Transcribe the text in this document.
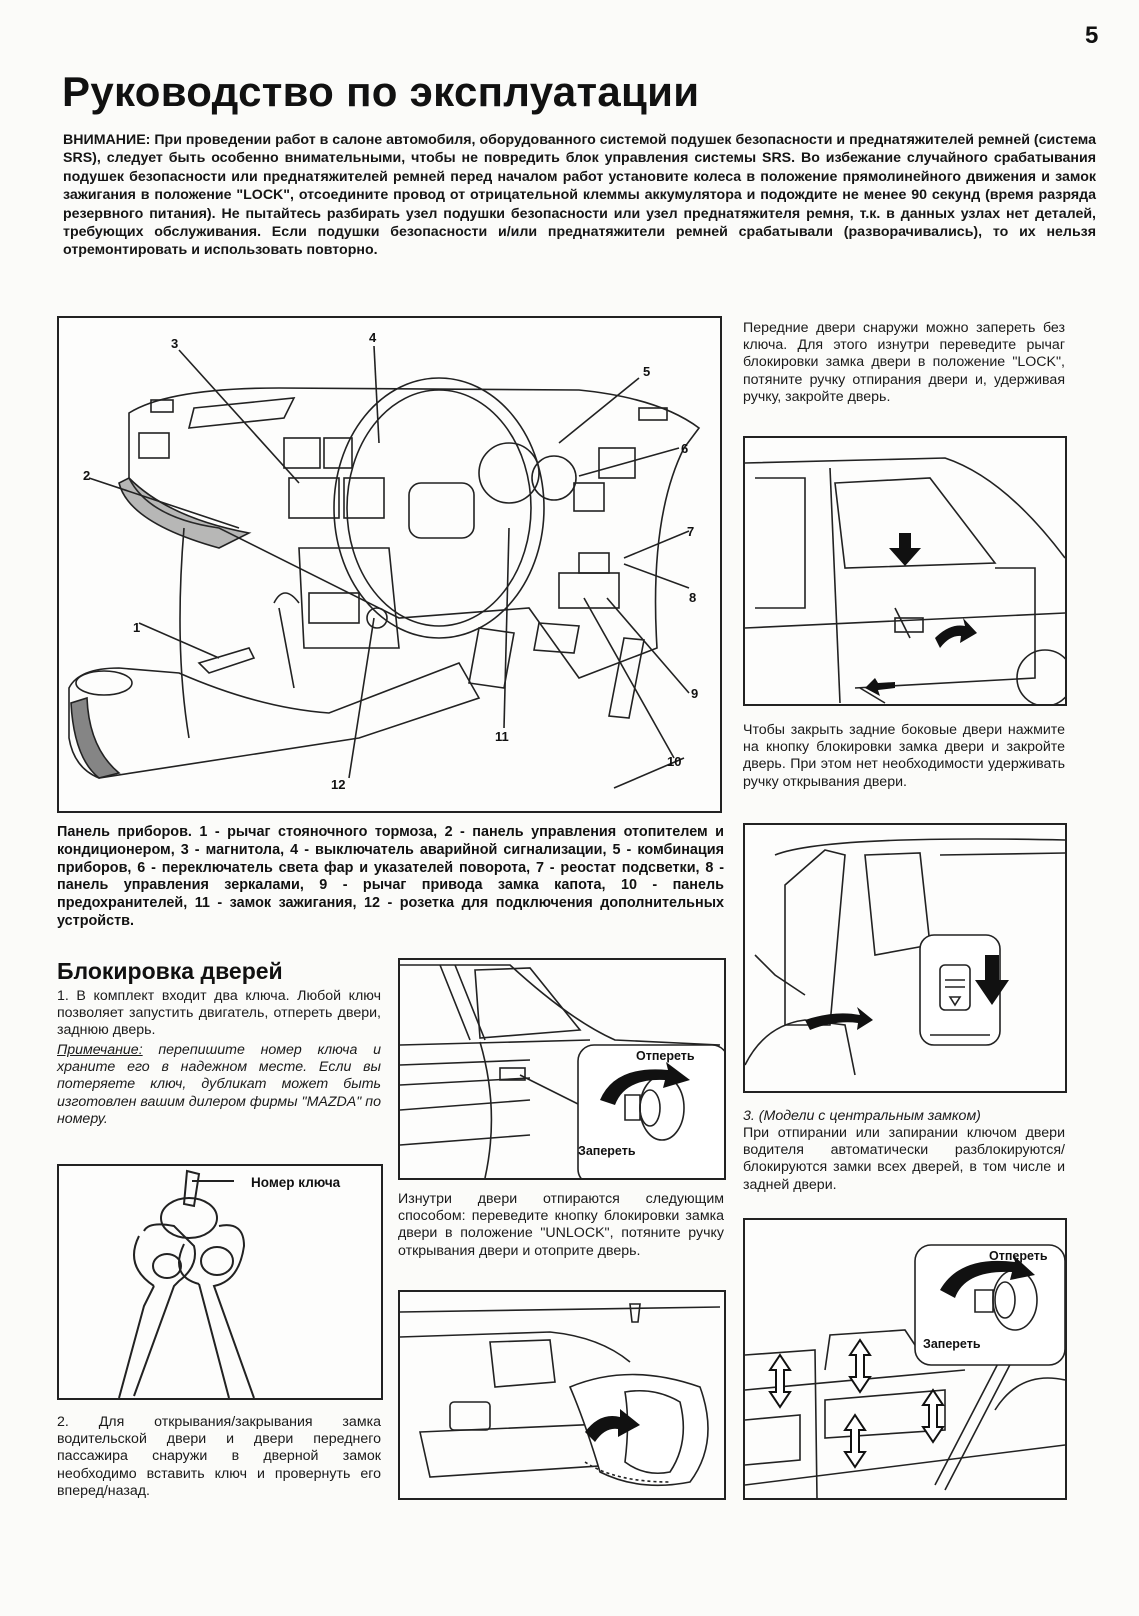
5
Руководство по эксплуатации
ВНИМАНИЕ: При проведении работ в салоне автомобиля, оборудованного системой подушек безопасности и преднатяжителей ремней (система SRS), следует быть особенно внимательными, чтобы не повредить блок управления системы SRS. Во избежание случайного срабатывания подушек безопасности или преднатяжителей ремней перед началом работ установите колеса в положение прямолинейного движения и замок зажигания в положение "LOCK", отсоедините провод от отрицательной клеммы аккумулятора и подождите не менее 90 секунд (время разряда резервного питания). Не пытайтесь разбирать узел подушки безопасности или узел преднатяжителя ремня, т.к. в данных узлах нет деталей, требующих обслуживания. Если подушки безопасности и/или преднатяжители ремней срабатывали (разворачивались), то их нельзя отремонтировать и использовать повторно.
3	4
5
2
6
7
8
9
10
11
12
1
Панель приборов. 1 - рычаг стояночного тормоза, 2 - панель управления отопителем и кондиционером, 3 - магнитола, 4 - выключатель аварийной сигнализации, 5 - комбинация приборов, 6 - переключатель света фар и указателей поворота, 7 - реостат подсветки, 8 - панель управления зеркалами, 9 - рычаг привода замка капота, 10 - панель предохранителей, 11 - замок зажигания, 12 - розетка для подключения дополнительных устройств.
Передние двери снаружи можно запереть без ключа. Для этого изнутри переведите рычаг блокировки замка двери в положение "LOCK", потяните ручку отпирания двери и, удерживая ручку, закройте дверь.
Чтобы закрыть задние боковые двери нажмите на кнопку блокировки замка двери и закройте дверь. При этом нет необходимости удерживать ручку открывания двери.
3. (Модели с центральным замком)
При отпирании или запирании ключом двери водителя автоматически разблокируются/блокируются замки всех дверей, в том числе и задней двери.
Отпереть
Запереть
Блокировка дверей
1. В комплект входит два ключа. Любой ключ позволяет запустить двигатель, отпереть двери, заднюю дверь.
Примечание: перепишите номер ключа и храните его в надежном месте. Если вы потеряете ключ, дубликат может быть изготовлен вашим дилером фирмы "MAZDA" по номеру.
Номер ключа
2. Для открывания/закрывания замка водительской двери и двери переднего пассажира снаружи в дверной замок необходимо вставить ключ и провернуть его вперед/назад.
Отпереть
Запереть
Изнутри двери отпираются следующим способом: переведите кнопку блокировки замка двери в положение "UNLOCK", потяните ручку открывания двери и отоприте дверь.
